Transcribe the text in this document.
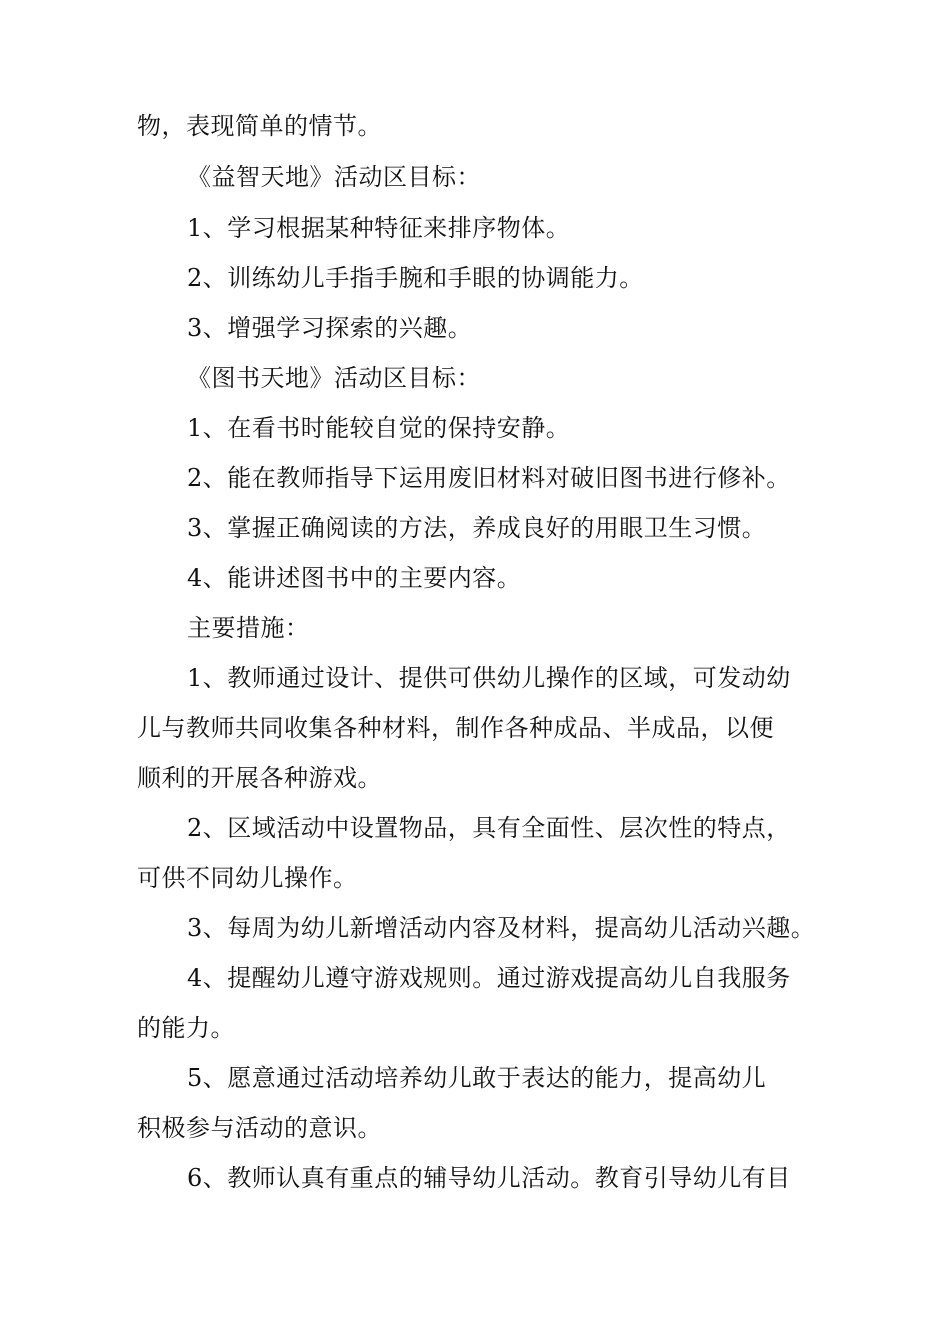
物，表现简单的情节。
《益智天地》活动区目标：
1、学习根据某种特征来排序物体。
2、训练幼儿手指手腕和手眼的协调能力。
3、增强学习探索的兴趣。
《图书天地》活动区目标：
1、在看书时能较自觉的保持安静。
2、能在教师指导下运用废旧材料对破旧图书进行修补。
3、掌握正确阅读的方法，养成良好的用眼卫生习惯。
4、能讲述图书中的主要内容。
主要措施：
1、教师通过设计、提供可供幼儿操作的区域，可发动幼
儿与教师共同收集各种材料，制作各种成品、半成品，以便
顺利的开展各种游戏。
2、区域活动中设置物品，具有全面性、层次性的特点，
可供不同幼儿操作。
3、每周为幼儿新增活动内容及材料，提高幼儿活动兴趣。
4、提醒幼儿遵守游戏规则。通过游戏提高幼儿自我服务
的能力。
5、愿意通过活动培养幼儿敢于表达的能力，提高幼儿
积极参与活动的意识。
6、教师认真有重点的辅导幼儿活动。教育引导幼儿有目
